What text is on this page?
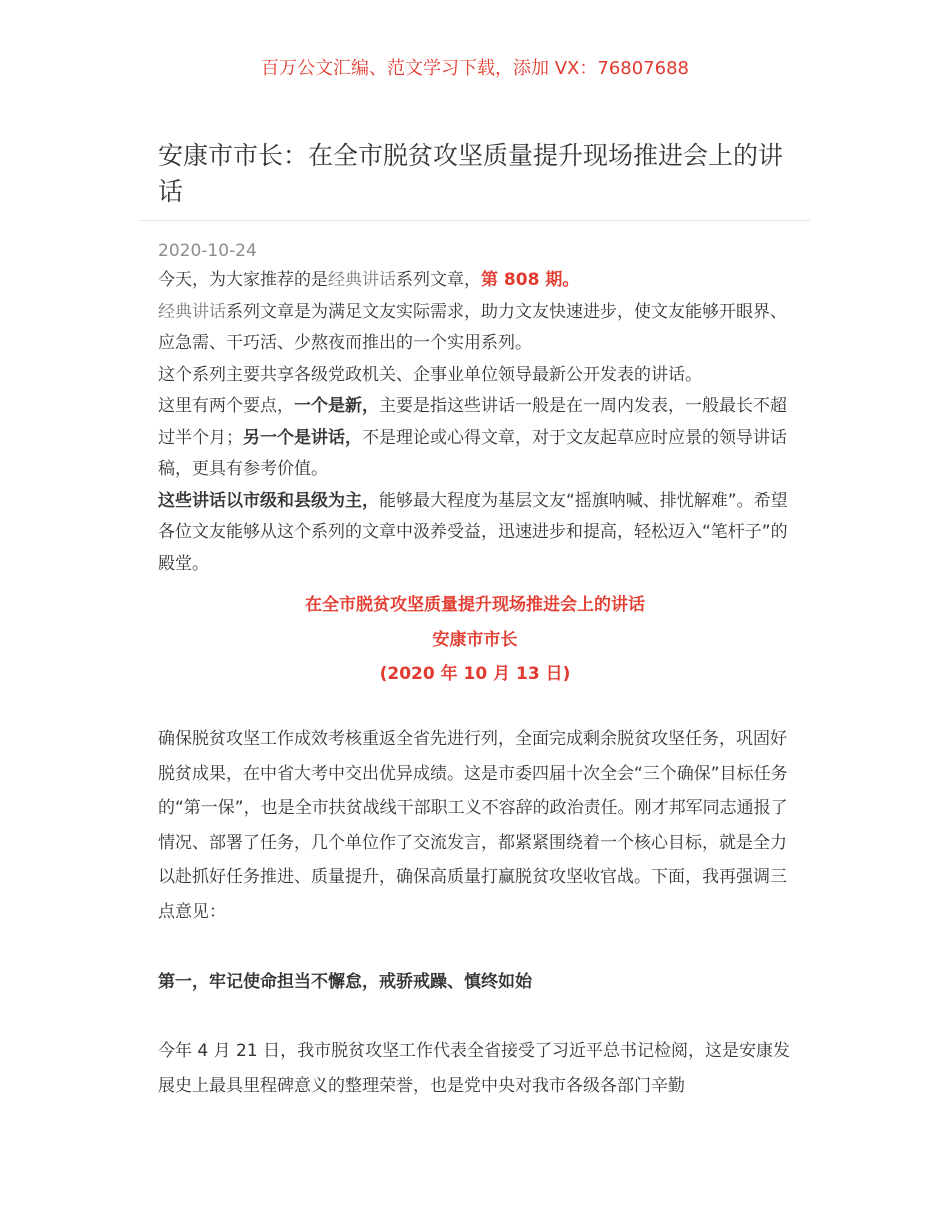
百万公文汇编、范文学习下载，添加 VX：76807688
安康市市长：在全市脱贫攻坚质量提升现场推进会上的讲话
2020-10-24

今天，为大家推荐的是经典讲话系列文章，第 808 期。

经典讲话系列文章是为满足文友实际需求，助力文友快速进步，使文友能够开眼界、应急需、干巧活、少熬夜而推出的一个实用系列。

这个系列主要共享各级党政机关、企事业单位领导最新公开发表的讲话。

这里有两个要点，一个是新，主要是指这些讲话一般是在一周内发表，一般最长不超过半个月；另一个是讲话，不是理论或心得文章，对于文友起草应时应景的领导讲话稿，更具有参考价值。

这些讲话以市级和县级为主，能够最大程度为基层文友“摇旗呐喊、排忧解难”。希望各位文友能够从这个系列的文章中汲养受益，迅速进步和提高，轻松迈入“笔杆子”的殿堂。

在全市脱贫攻坚质量提升现场推进会上的讲话
安康市市长
(2020 年 10 月 13 日)

确保脱贫攻坚工作成效考核重返全省先进行列，全面完成剩余脱贫攻坚任务，巩固好脱贫成果，在中省大考中交出优异成绩。这是市委四届十次全会“三个确保”目标任务的“第一保”，也是全市扶贫战线干部职工义不容辞的政治责任。刚才邦军同志通报了情况、部署了任务，几个单位作了交流发言，都紧紧围绕着一个核心目标，就是全力以赴抓好任务推进、质量提升，确保高质量打赢脱贫攻坚收官战。下面，我再强调三点意见：

第一，牢记使命担当不懈怠，戒骄戒躁、慎终如始

今年 4 月 21 日，我市脱贫攻坚工作代表全省接受了习近平总书记检阅，这是安康发展史上最具里程碑意义的整理荣誉，也是党中央对我市各级各部门辛勤
